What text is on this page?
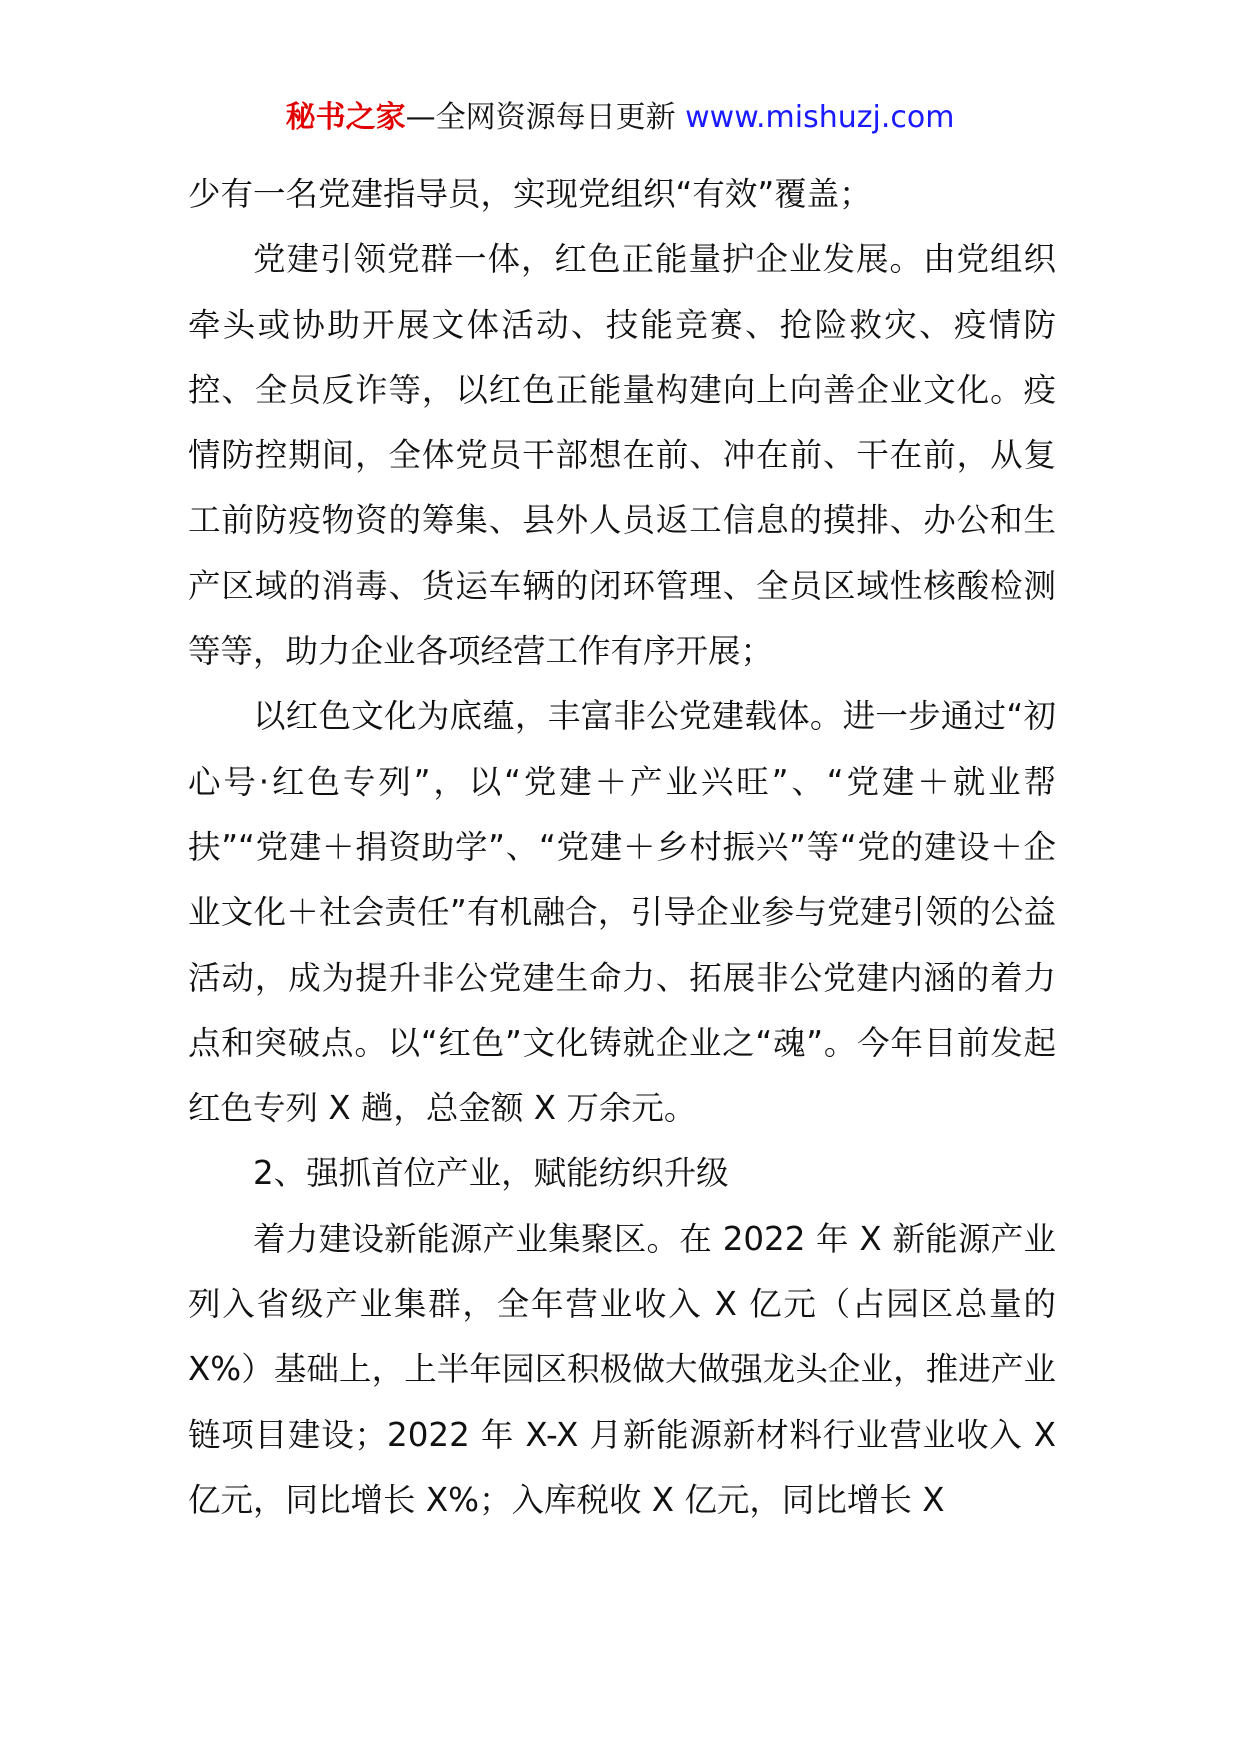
秘书之家—全网资源每日更新 www.mishuzj.com

少有一名党建指导员，实现党组织“有效”覆盖；

党建引领党群一体，红色正能量护企业发展。由党组织牵头或协助开展文体活动、技能竞赛、抢险救灾、疫情防控、全员反诈等，以红色正能量构建向上向善企业文化。疫情防控期间，全体党员干部想在前、冲在前、干在前，从复工前防疫物资的筹集、县外人员返工信息的摸排、办公和生产区域的消毒、货运车辆的闭环管理、全员区域性核酸检测等等，助力企业各项经营工作有序开展；

以红色文化为底蕴，丰富非公党建载体。进一步通过“初心号·红色专列”，以“党建＋产业兴旺”、“党建＋就业帮扶”“党建＋捐资助学”、“党建＋乡村振兴”等“党的建设＋企业文化＋社会责任”有机融合，引导企业参与党建引领的公益活动，成为提升非公党建生命力、拓展非公党建内涵的着力点和突破点。以“红色”文化铸就企业之“魂”。今年目前发起红色专列 X 趟，总金额 X 万余元。

2、强抓首位产业，赋能纺织升级

着力建设新能源产业集聚区。在 2022 年 X 新能源产业列入省级产业集群，全年营业收入 X 亿元（占园区总量的 X%）基础上，上半年园区积极做大做强龙头企业，推进产业链项目建设；2022 年 X-X 月新能源新材料行业营业收入 X 亿元，同比增长 X%；入库税收 X 亿元，同比增长 X
